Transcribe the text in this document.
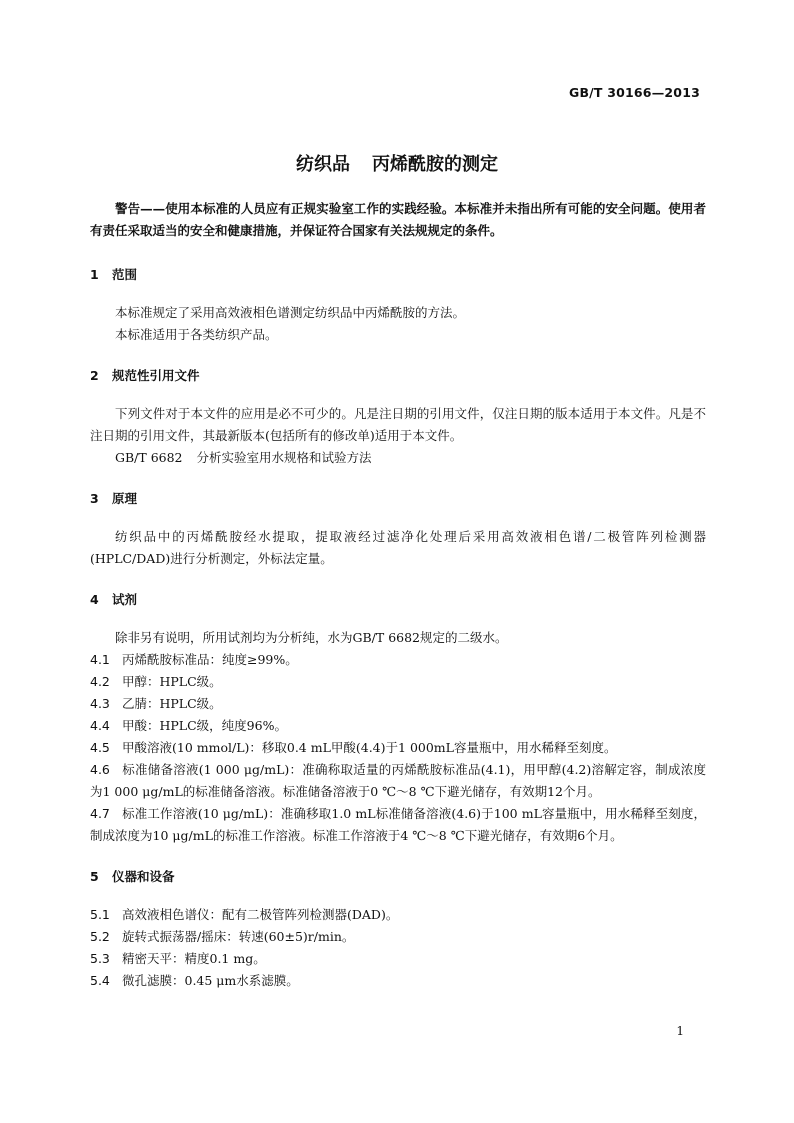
GB/T 30166—2013
纺织品 丙烯酰胺的测定

警告——使用本标准的人员应有正规实验室工作的实践经验。本标准并未指出所有可能的安全问题。使用者有责任采取适当的安全和健康措施，并保证符合国家有关法规规定的条件。

1 范围

本标准规定了采用高效液相色谱测定纺织品中丙烯酰胺的方法。

本标准适用于各类纺织产品。

2 规范性引用文件

下列文件对于本文件的应用是必不可少的。凡是注日期的引用文件，仅注日期的版本适用于本文件。凡是不注日期的引用文件，其最新版本(包括所有的修改单)适用于本文件。

GB/T 6682 分析实验室用水规格和试验方法
3 原理

纺织品中的丙烯酰胺经水提取，提取液经过滤净化处理后采用高效液相色谱/二极管阵列检测器(HPLC/DAD)进行分析测定，外标法定量。

4 试剂

除非另有说明，所用试剂均为分析纯，水为GB/T 6682规定的二级水。

4.1 丙烯酰胺标准品：纯度≥99%。
4.2 甲醇：HPLC级。
4.3 乙腈：HPLC级。
4.4 甲酸：HPLC级，纯度96%。
4.5 甲酸溶液(10 mmol/L)：移取0.4 mL甲酸(4.4)于1 000mL容量瓶中，用水稀释至刻度。
4.6 标准储备溶液(1 000 μg/mL)：准确称取适量的丙烯酰胺标准品(4.1)，用甲醇(4.2)溶解定容，制成浓度为1 000 μg/mL的标准储备溶液。标准储备溶液于0 ℃～8 ℃下避光储存，有效期12个月。
4.7 标准工作溶液(10 μg/mL)：准确移取1.0 mL标准储备溶液(4.6)于100 mL容量瓶中，用水稀释至刻度，制成浓度为10 μg/mL的标准工作溶液。标准工作溶液于4 ℃～8 ℃下避光储存，有效期6个月。
5 仪器和设备
5.1 高效液相色谱仪：配有二极管阵列检测器(DAD)。
5.2 旋转式振荡器/摇床：转速(60±5)r/min。
5.3 精密天平：精度0.1 mg。
5.4 微孔滤膜：0.45 μm水系滤膜。
1
